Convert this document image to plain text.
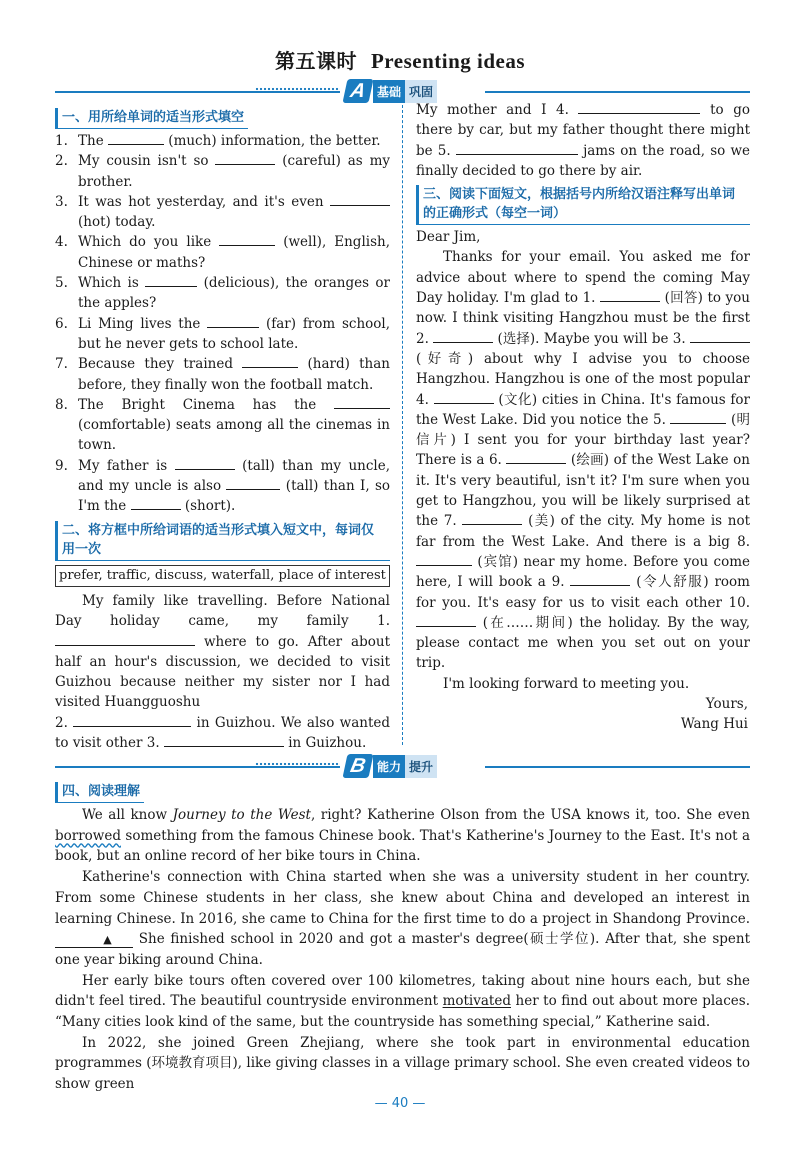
第五课时 Presenting ideas
A 基础 巩固
一、用所给单词的适当形式填空
1. The	(much) information, the better.
2. My cousin isn't so	(careful) as my brother.
3. It was hot yesterday, and it's even  (hot) today.
4. Which do you like	(well), English, Chinese or maths?
5. Which is	(delicious), the oranges or the apples?
6. Li Ming lives the	(far) from school, but he never gets to school late.
7. Because they trained	(hard) than before, they finally won the football match.
8. The Bright Cinema has the  (comfortable) seats among all the cinemas in town.
9. My father is	(tall) than my uncle, and my uncle is also	(tall) than I, so I'm the	(short).
二、将方框中所给词语的适当形式填入短文中，每词仅用一次
prefer, traffic, discuss, waterfall, place of interest
My family like travelling. Before National Day holiday came, my family 1.  where to go. After about half an hour's discussion, we decided to visit Guizhou because neither my sister nor I had visited Huangguoshu
2.	in Guizhou. We also wanted to visit other 3.	in Guizhou.
My mother and I 4.	to go there by car, but my father thought there might be 5.	jams on the road, so we finally decided to go there by air.
三、阅读下面短文，根据括号内所给汉语注释写出单词的正确形式（每空一词）
Dear Jim,
Thanks for your email. You asked me for advice about where to spend the coming May Day holiday. I'm glad to 1.	(回答) to you now. I think visiting Hangzhou must be the first 2.	(选择). Maybe you will be 3.  (好奇) about why I advise you to choose Hangzhou. Hangzhou is one of the most popular 4.	(文化) cities in China. It's famous for the West Lake. Did you notice the 5.	(明信片) I sent you for your birthday last year? There is a 6.	(绘画) of the West Lake on it. It's very beautiful, isn't it? I'm sure when you get to Hangzhou, you will be likely surprised at the 7.	(美) of the city. My home is not far from the West Lake. And there is a big 8.  (宾馆) near my home. Before you come here, I will book a 9.	(令人舒服) room for you. It's easy for us to visit each other 10.  (在……期间) the holiday. By the way, please contact me when you set out on your trip.
I'm looking forward to meeting you.
Yours,
Wang Hui
B 能力 提升
四、阅读理解
We all know Journey to the West, right? Katherine Olson from the USA knows it, too. She even borrowed something from the famous Chinese book. That's Katherine's Journey to the East. It's not a book, but an online record of her bike tours in China.
Katherine's connection with China started when she was a university student in her country. From some Chinese students in her class, she knew about China and developed an interest in learning Chinese. In 2016, she came to China for the first time to do a project in Shandong Province. ▲ She finished school in 2020 and got a master's degree(硕士学位). After that, she spent one year biking around China.
Her early bike tours often covered over 100 kilometres, taking about nine hours each, but she didn't feel tired. The beautiful countryside environment motivated her to find out about more places. “Many cities look kind of the same, but the countryside has something special,” Katherine said.
In 2022, she joined Green Zhejiang, where she took part in environmental education programmes (环境教育项目), like giving classes in a village primary school. She even created videos to show green
— 40 —
